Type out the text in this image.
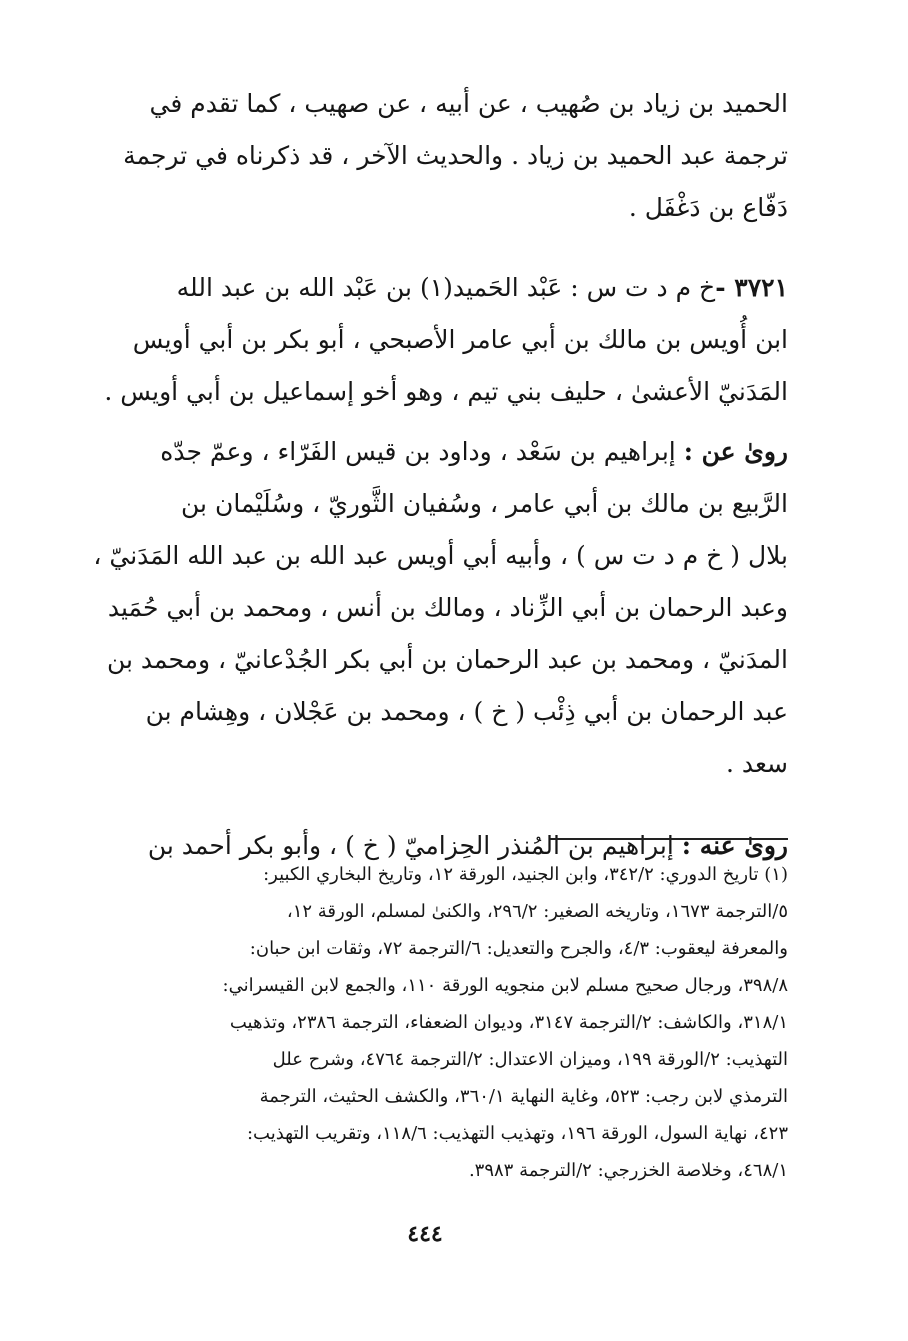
الحميد بن زياد بن صُهيب ، عن أبيه ، عن صهيب ، كما تقدم في
ترجمة عبد الحميد بن زياد . والحديث الآخر ، قد ذكرناه في ترجمة
دَفّاع بن دَغْفَل .
٣٧٢١ -خ م د ت س : عَبْد الحَميد(١) بن عَبْد الله بن عبد الله
ابن أُويس بن مالك بن أبي عامر الأصبحي ، أبو بكر بن أبي أويس
المَدَنيّ الأعشىٰ ، حليف بني تيم ، وهو أخو إسماعيل بن أبي أويس .
روىٰ عن : إبراهيم بن سَعْد ، وداود بن قيس الفَرّاء ، وعمّ جدّه
الرَّبيع بن مالك بن أبي عامر ، وسُفيان الثَّوريّ ، وسُلَيْمان بن
بلال ( خ م د ت س ) ، وأبيه أبي أويس عبد الله بن عبد الله المَدَنيّ ،
وعبد الرحمان بن أبي الزِّناد ، ومالك بن أنس ، ومحمد بن أبي حُمَيد
المدَنيّ ، ومحمد بن عبد الرحمان بن أبي بكر الجُدْعانيّ ، ومحمد بن
عبد الرحمان بن أبي ذِئْب ( خ ) ، ومحمد بن عَجْلان ، وهِشام بن
سعد .
روىٰ عنه : إبراهيم بن المُنذر الحِزاميّ ( خ ) ، وأبو بكر أحمد بن
(١) تاريخ الدوري: ٣٤٢/٢، وابن الجنيد، الورقة ١٢، وتاريخ البخاري الكبير:
٥/الترجمة ١٦٧٣، وتاريخه الصغير: ٢٩٦/٢، والكنىٰ لمسلم، الورقة ١٢،
والمعرفة ليعقوب: ٤/٣، والجرح والتعديل: ٦/الترجمة ٧٢، وثقات ابن حبان:
٣٩٨/٨، ورجال صحيح مسلم لابن منجويه الورقة ١١٠، والجمع لابن القيسراني:
٣١٨/١، والكاشف: ٢/الترجمة ٣١٤٧، وديوان الضعفاء، الترجمة ٢٣٨٦، وتذهيب
التهذيب: ٢/الورقة ١٩٩، وميزان الاعتدال: ٢/الترجمة ٤٧٦٤، وشرح علل
الترمذي لابن رجب: ٥٢٣، وغاية النهاية ٣٦٠/١، والكشف الحثيث، الترجمة
٤٢٣، نهاية السول، الورقة ١٩٦، وتهذيب التهذيب: ١١٨/٦، وتقريب التهذيب:
٤٦٨/١، وخلاصة الخزرجي: ٢/الترجمة ٣٩٨٣.
٤٤٤
